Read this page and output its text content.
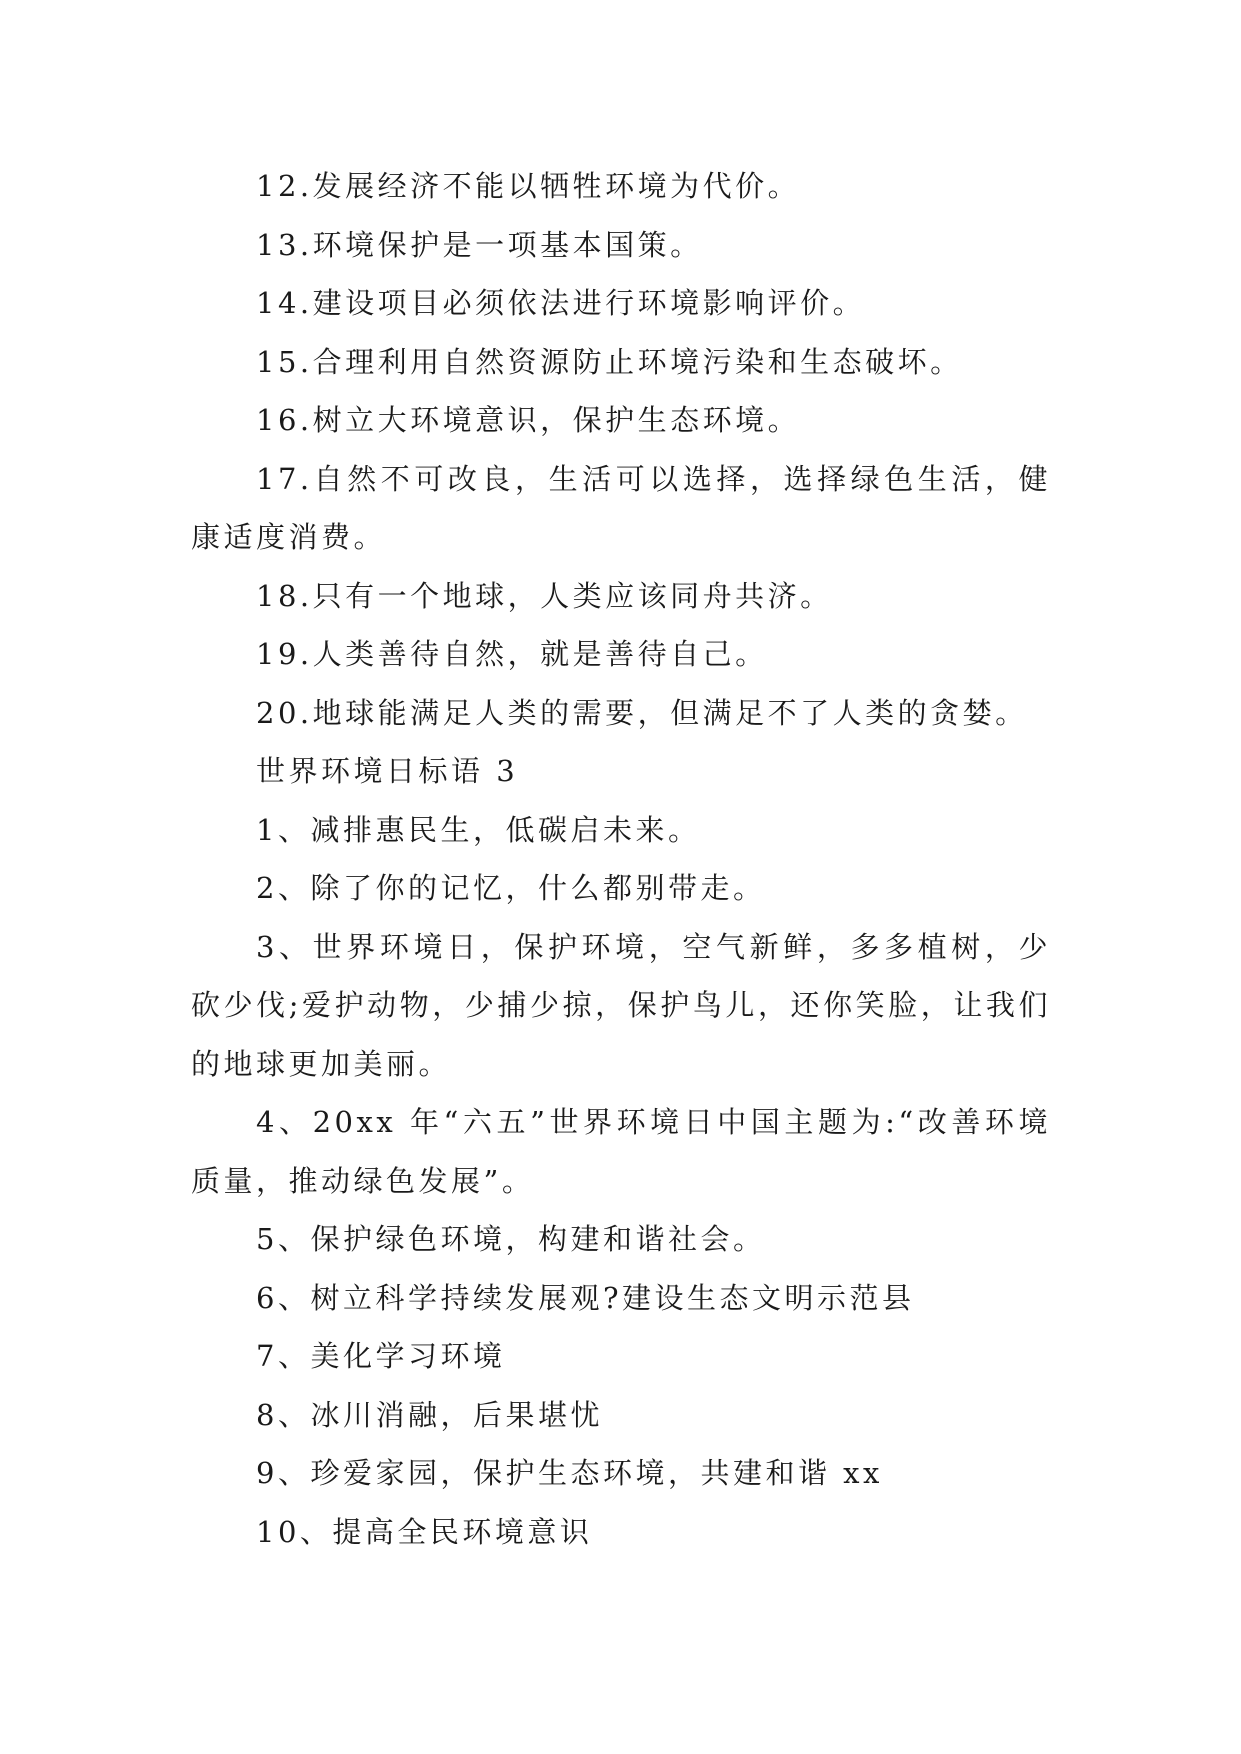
12.发展经济不能以牺牲环境为代价。

13.环境保护是一项基本国策。

14.建设项目必须依法进行环境影响评价。

15.合理利用自然资源防止环境污染和生态破坏。

16.树立大环境意识，保护生态环境。

17.自然不可改良，生活可以选择，选择绿色生活，健康适度消费。

18.只有一个地球，人类应该同舟共济。

19.人类善待自然，就是善待自己。

20.地球能满足人类的需要，但满足不了人类的贪婪。

世界环境日标语 3

1、减排惠民生，低碳启未来。

2、除了你的记忆，什么都别带走。

3、世界环境日，保护环境，空气新鲜，多多植树，少砍少伐;爱护动物，少捕少掠，保护鸟儿，还你笑脸，让我们的地球更加美丽。

4、20xx 年“六五”世界环境日中国主题为:“改善环境质量，推动绿色发展”。

5、保护绿色环境，构建和谐社会。

6、树立科学持续发展观?建设生态文明示范县

7、美化学习环境

8、冰川消融，后果堪忧

9、珍爱家园，保护生态环境，共建和谐 xx

10、提高全民环境意识
